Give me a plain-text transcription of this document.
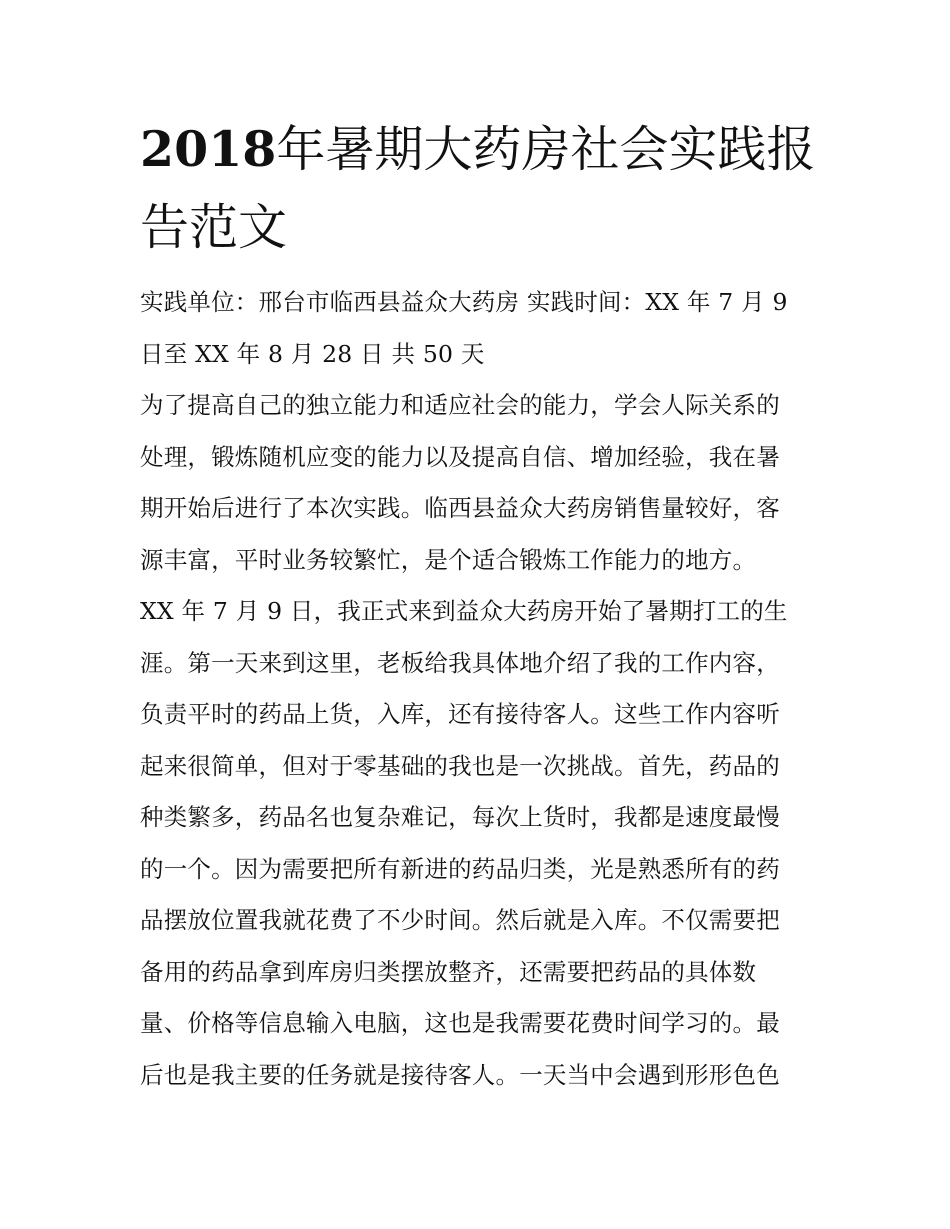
2018年暑期大药房社会实践报
告范文
实践单位：邢台市临西县益众大药房 实践时间：XX 年 7 月 9
日至 XX 年 8 月 28 日 共 50 天
为了提高自己的独立能力和适应社会的能力，学会人际关系的
处理，锻炼随机应变的能力以及提高自信、增加经验，我在暑
期开始后进行了本次实践。临西县益众大药房销售量较好，客
源丰富，平时业务较繁忙，是个适合锻炼工作能力的地方。
XX 年 7 月 9 日，我正式来到益众大药房开始了暑期打工的生
涯。第一天来到这里，老板给我具体地介绍了我的工作内容，
负责平时的药品上货，入库，还有接待客人。这些工作内容听
起来很简单，但对于零基础的我也是一次挑战。首先，药品的
种类繁多，药品名也复杂难记，每次上货时，我都是速度最慢
的一个。因为需要把所有新进的药品归类，光是熟悉所有的药
品摆放位置我就花费了不少时间。然后就是入库。不仅需要把
备用的药品拿到库房归类摆放整齐，还需要把药品的具体数
量、价格等信息输入电脑，这也是我需要花费时间学习的。最
后也是我主要的任务就是接待客人。一天当中会遇到形形色色
